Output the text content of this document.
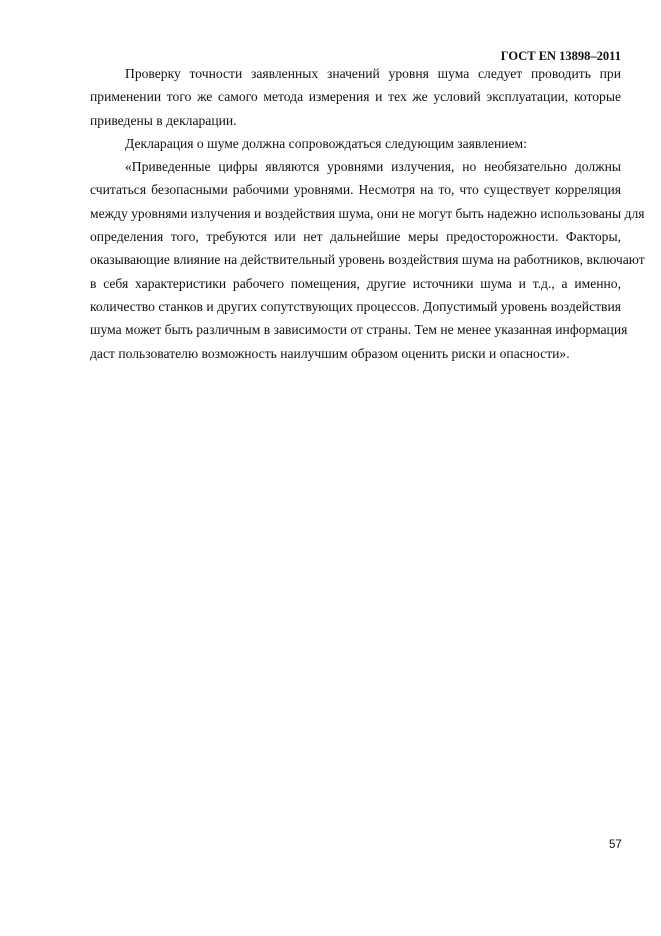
ГОСТ EN 13898–2011
Проверку точности заявленных значений уровня шума следует проводить при
применении того же самого метода измерения и тех же условий эксплуатации, которые
приведены в декларации.
Декларация о шуме должна сопровождаться следующим заявлением:
«Приведенные цифры являются уровнями излучения, но необязательно должны
считаться безопасными рабочими уровнями. Несмотря на то, что существует корреляция
между уровнями излучения и воздействия шума, они не могут быть надежно использованы для
определения того, требуются или нет дальнейшие меры предосторожности. Факторы,
оказывающие влияние на действительный уровень воздействия шума на работников, включают
в себя характеристики рабочего помещения, другие источники шума и т.д., а именно,
количество станков и других сопутствующих процессов. Допустимый уровень воздействия
шума может быть различным в зависимости от страны. Тем не менее указанная информация
даст пользователю возможность наилучшим образом оценить риски и опасности».
57
